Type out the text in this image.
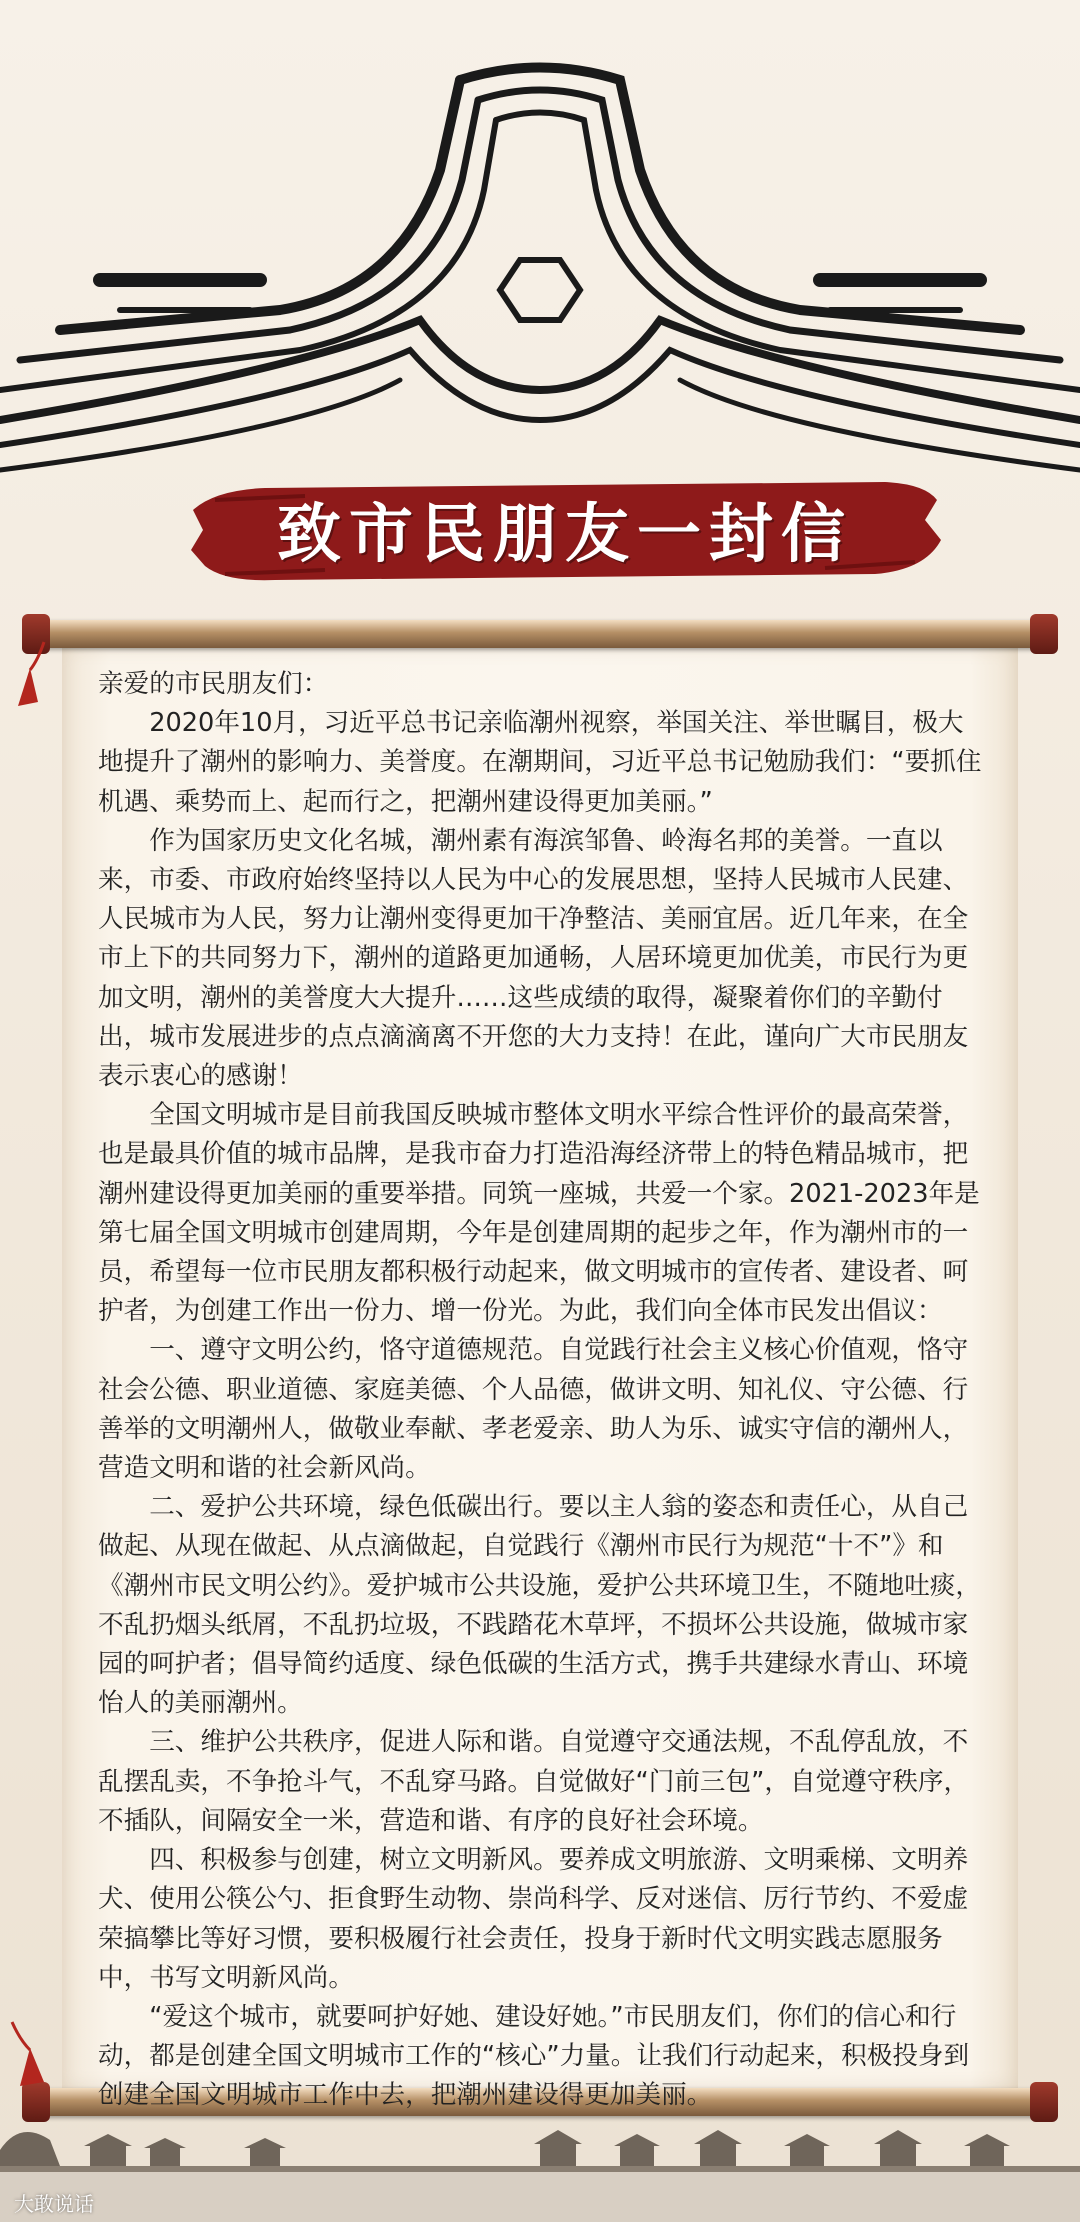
致市民朋友一封信

亲爱的市民朋友们：

2020年10月，习近平总书记亲临潮州视察，举国关注、举世瞩目，极大地提升了潮州的影响力、美誉度。在潮期间，习近平总书记勉励我们：“要抓住机遇、乘势而上、起而行之，把潮州建设得更加美丽。”

作为国家历史文化名城，潮州素有海滨邹鲁、岭海名邦的美誉。一直以来，市委、市政府始终坚持以人民为中心的发展思想，坚持人民城市人民建、人民城市为人民，努力让潮州变得更加干净整洁、美丽宜居。近几年来，在全市上下的共同努力下，潮州的道路更加通畅，人居环境更加优美，市民行为更加文明，潮州的美誉度大大提升……这些成绩的取得，凝聚着你们的辛勤付出，城市发展进步的点点滴滴离不开您的大力支持！在此，谨向广大市民朋友表示衷心的感谢！

全国文明城市是目前我国反映城市整体文明水平综合性评价的最高荣誉，也是最具价值的城市品牌，是我市奋力打造沿海经济带上的特色精品城市，把潮州建设得更加美丽的重要举措。同筑一座城，共爱一个家。2021-2023年是第七届全国文明城市创建周期，今年是创建周期的起步之年，作为潮州市的一员，希望每一位市民朋友都积极行动起来，做文明城市的宣传者、建设者、呵护者，为创建工作出一份力、增一份光。为此，我们向全体市民发出倡议：

一、遵守文明公约，恪守道德规范。自觉践行社会主义核心价值观，恪守社会公德、职业道德、家庭美德、个人品德，做讲文明、知礼仪、守公德、行善举的文明潮州人，做敬业奉献、孝老爱亲、助人为乐、诚实守信的潮州人，营造文明和谐的社会新风尚。

二、爱护公共环境，绿色低碳出行。要以主人翁的姿态和责任心，从自己做起、从现在做起、从点滴做起，自觉践行《潮州市民行为规范“十不”》和《潮州市民文明公约》。爱护城市公共设施，爱护公共环境卫生，不随地吐痰，不乱扔烟头纸屑，不乱扔垃圾，不践踏花木草坪，不损坏公共设施，做城市家园的呵护者；倡导简约适度、绿色低碳的生活方式，携手共建绿水青山、环境怡人的美丽潮州。

三、维护公共秩序，促进人际和谐。自觉遵守交通法规，不乱停乱放，不乱摆乱卖，不争抢斗气，不乱穿马路。自觉做好“门前三包”，自觉遵守秩序，不插队，间隔安全一米，营造和谐、有序的良好社会环境。

四、积极参与创建，树立文明新风。要养成文明旅游、文明乘梯、文明养犬、使用公筷公勺、拒食野生动物、崇尚科学、反对迷信、厉行节约、不爱虚荣搞攀比等好习惯，要积极履行社会责任，投身于新时代文明实践志愿服务中，书写文明新风尚。

“爱这个城市，就要呵护好她、建设好她。”市民朋友们，你们的信心和行动，都是创建全国文明城市工作的“核心”力量。让我们行动起来，积极投身到创建全国文明城市工作中去，把潮州建设得更加美丽。

大敢说话
